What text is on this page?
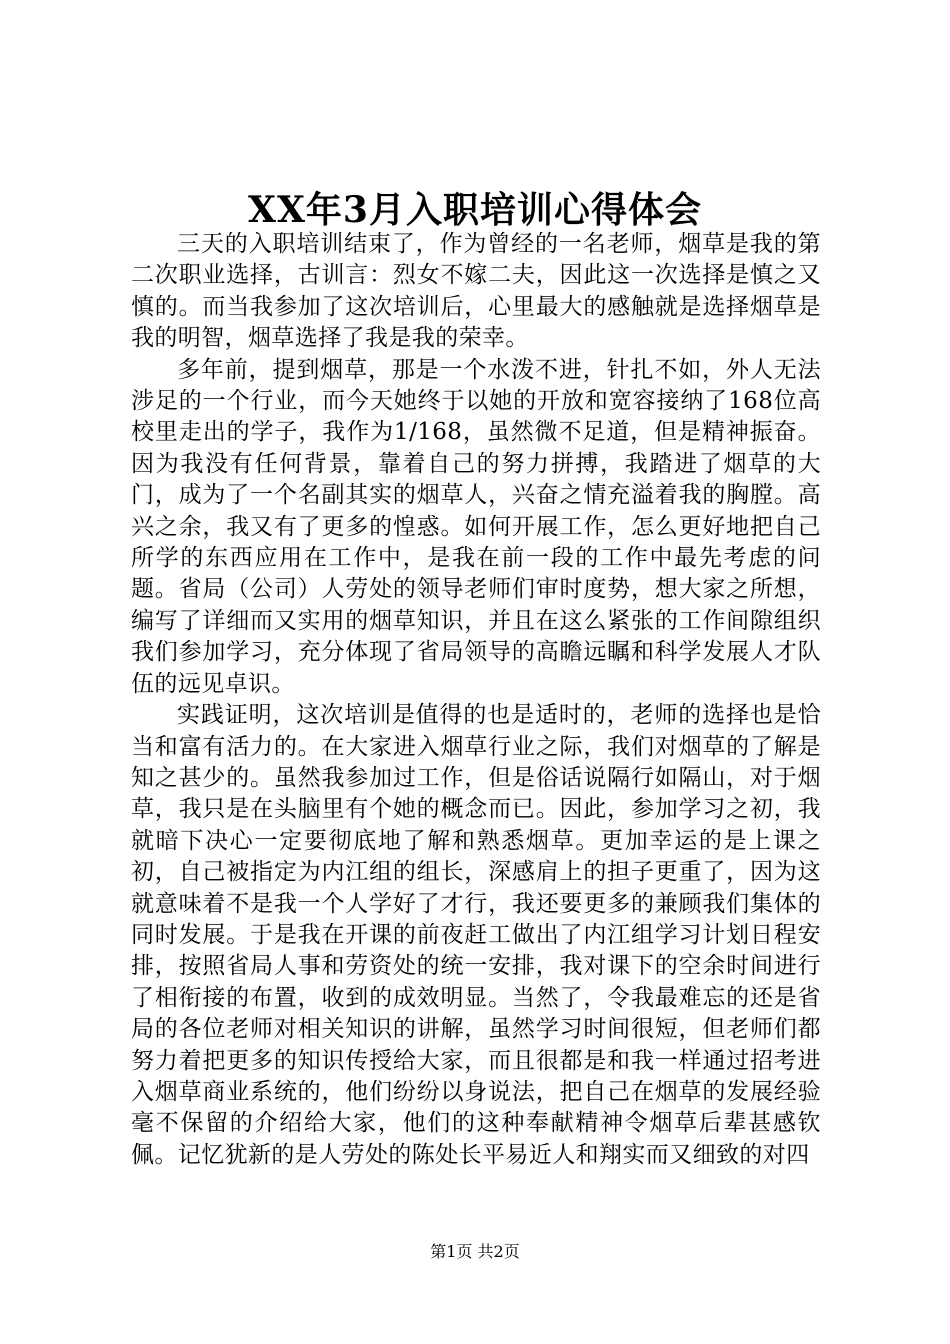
XX年3月入职培训心得体会

三天的入职培训结束了，作为曾经的一名老师，烟草是我的第二次职业选择，古训言：烈女不嫁二夫，因此这一次选择是慎之又慎的。而当我参加了这次培训后，心里最大的感触就是选择烟草是我的明智，烟草选择了我是我的荣幸。

多年前，提到烟草，那是一个水泼不进，针扎不如，外人无法涉足的一个行业，而今天她终于以她的开放和宽容接纳了168位高校里走出的学子，我作为1/168，虽然微不足道，但是精神振奋。因为我没有任何背景，靠着自己的努力拼搏，我踏进了烟草的大门，成为了一个名副其实的烟草人，兴奋之情充溢着我的胸膛。高兴之余，我又有了更多的惶惑。如何开展工作，怎么更好地把自己所学的东西应用在工作中，是我在前一段的工作中最先考虑的问题。省局（公司）人劳处的领导老师们审时度势，想大家之所想，编写了详细而又实用的烟草知识，并且在这么紧张的工作间隙组织我们参加学习，充分体现了省局领导的高瞻远瞩和科学发展人才队伍的远见卓识。

实践证明，这次培训是值得的也是适时的，老师的选择也是恰当和富有活力的。在大家进入烟草行业之际，我们对烟草的了解是知之甚少的。虽然我参加过工作，但是俗话说隔行如隔山，对于烟草，我只是在头脑里有个她的概念而已。因此，参加学习之初，我就暗下决心一定要彻底地了解和熟悉烟草。更加幸运的是上课之初，自己被指定为内江组的组长，深感肩上的担子更重了，因为这就意味着不是我一个人学好了才行，我还要更多的兼顾我们集体的同时发展。于是我在开课的前夜赶工做出了内江组学习计划日程安排，按照省局人事和劳资处的统一安排，我对课下的空余时间进行了相衔接的布置，收到的成效明显。当然了，令我最难忘的还是省局的各位老师对相关知识的讲解，虽然学习时间很短，但老师们都努力着把更多的知识传授给大家，而且很都是和我一样通过招考进入烟草商业系统的，他们纷纷以身说法，把自己在烟草的发展经验毫不保留的介绍给大家，他们的这种奉献精神令烟草后辈甚感钦佩。记忆犹新的是人劳处的陈处长平易近人和翔实而又细致的对四

第1页 共2页
